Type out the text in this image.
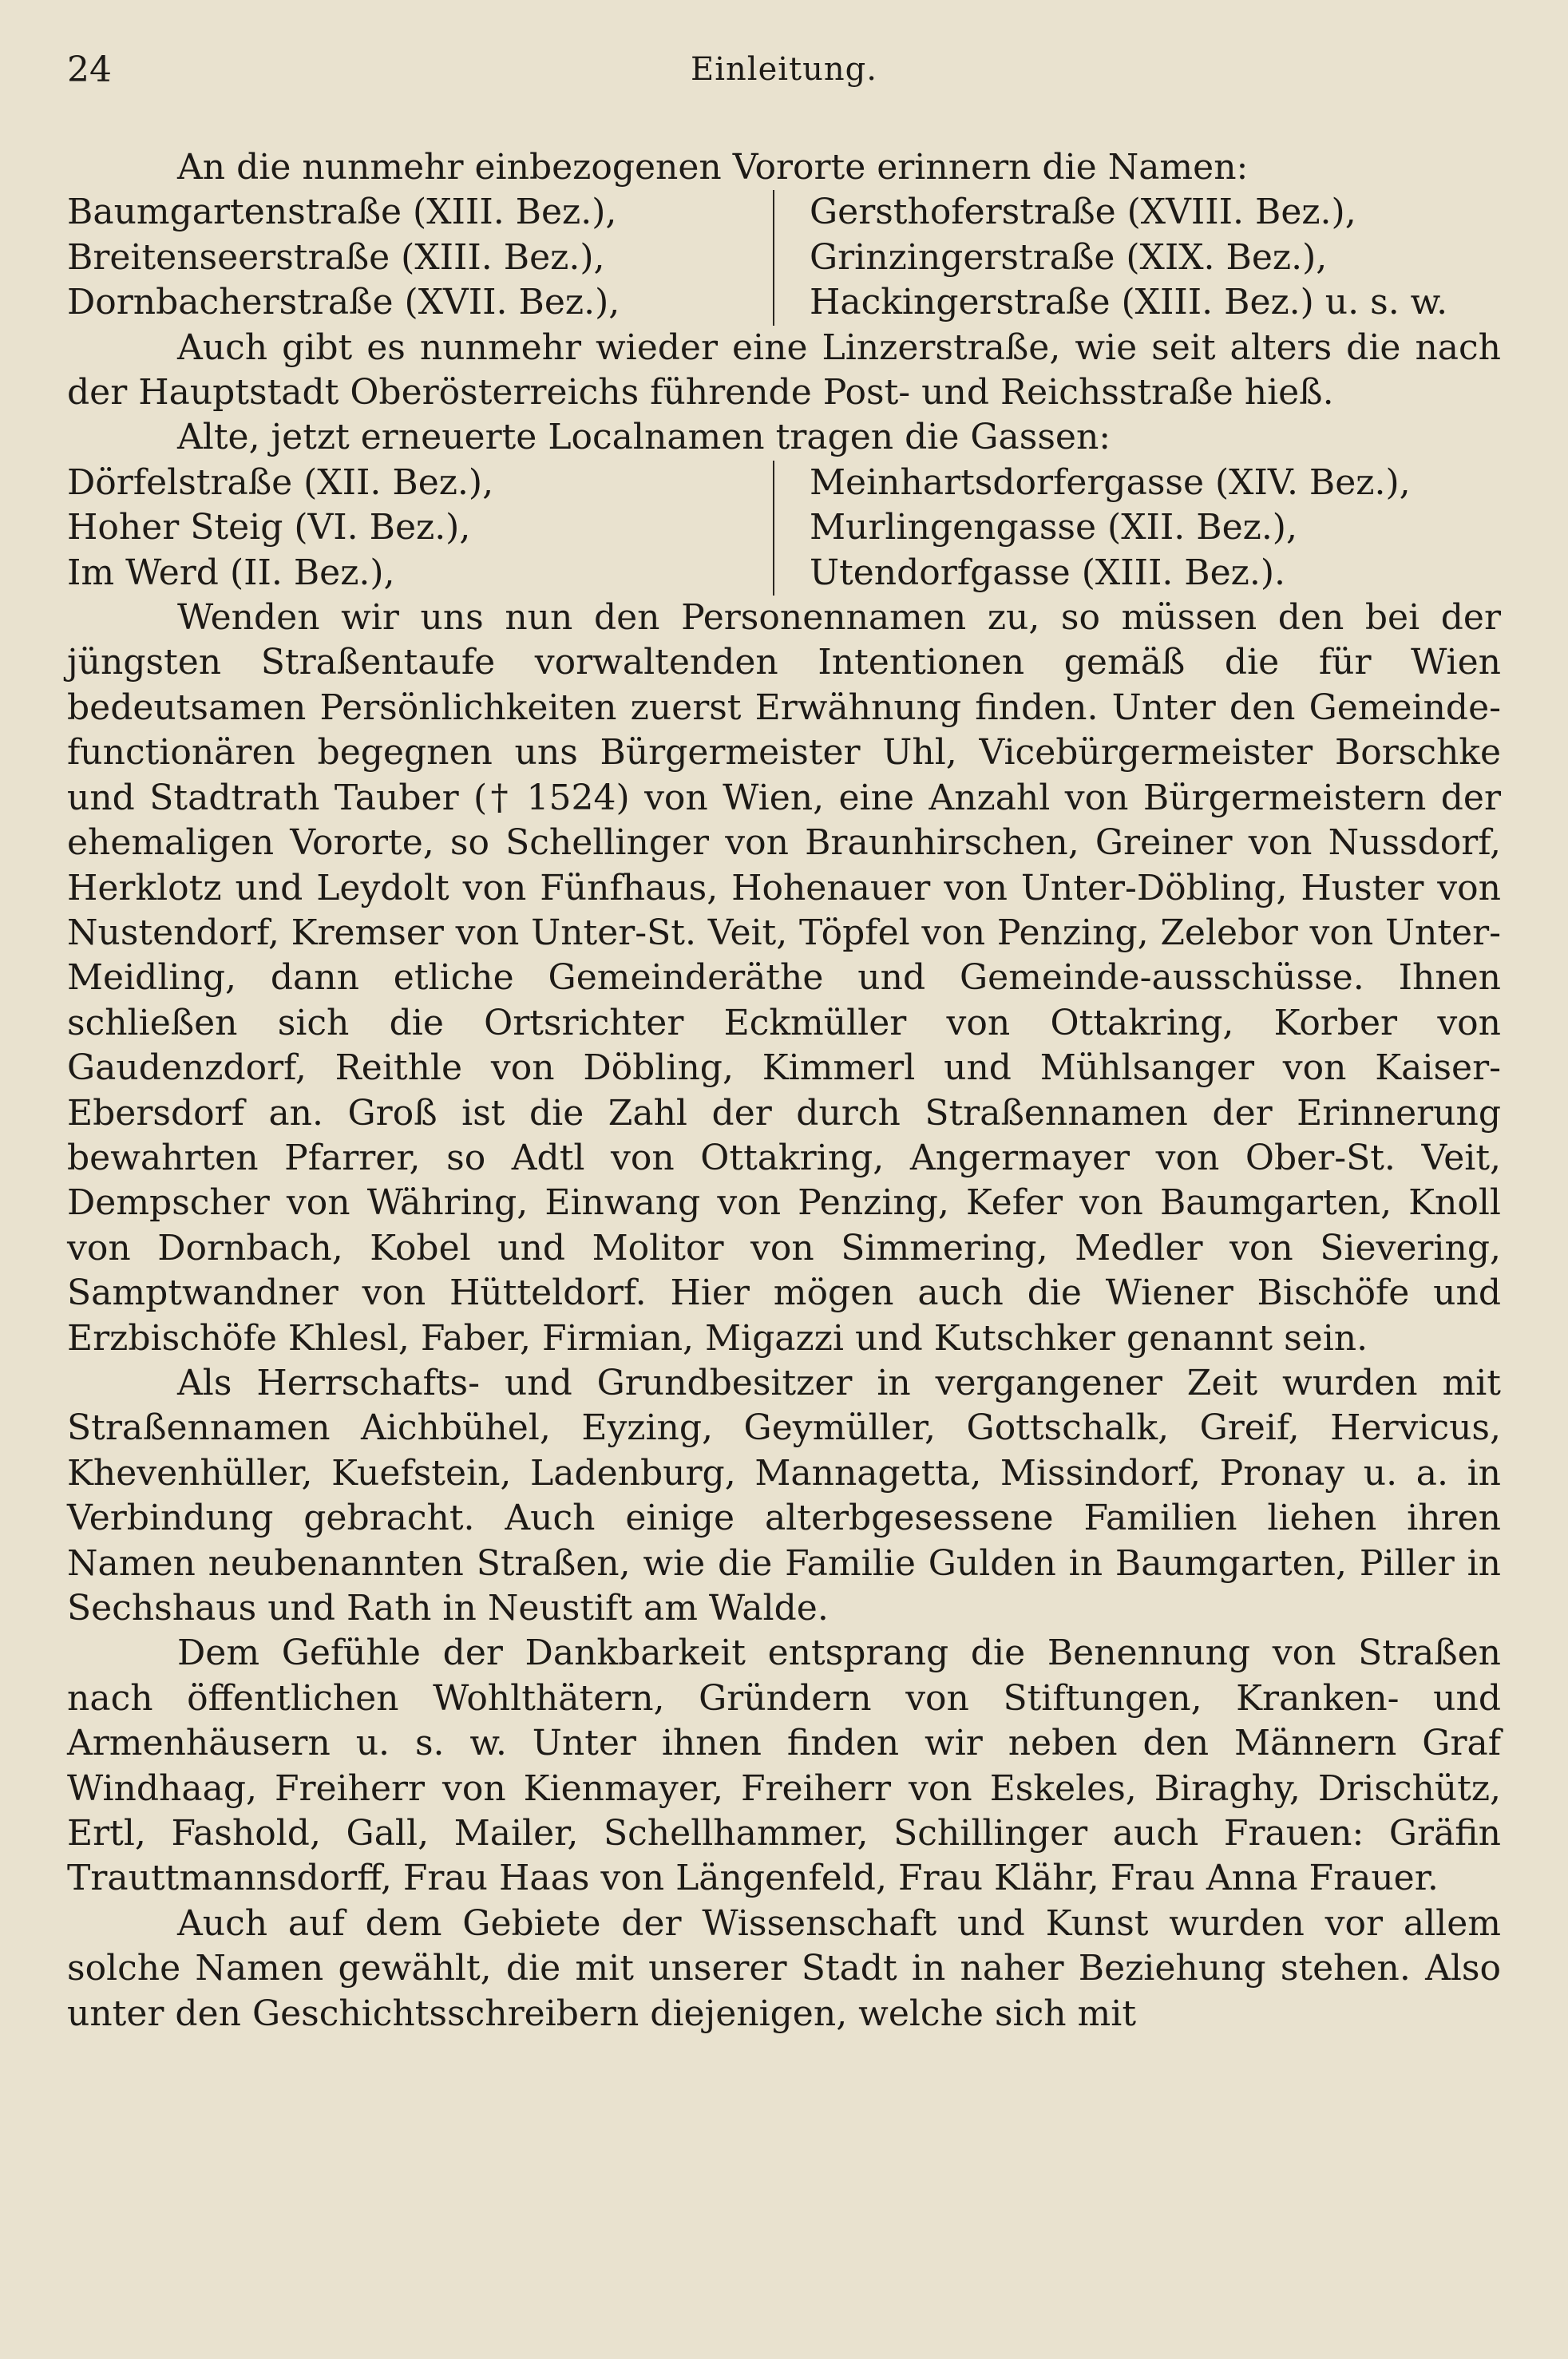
24	Einleitung.

An die nunmehr einbezogenen Vororte erinnern die Namen:

Baumgartenstraße (XIII. Bez.),
Breitenseerstraße (XIII. Bez.),
Dornbacherstraße (XVII. Bez.),
Gersthoferstraße (XVIII. Bez.),
Grinzingerstraße (XIX. Bez.),
Hackingerstraße (XIII. Bez.) u. s. w.

Auch gibt es nunmehr wieder eine Linzerstraße, wie seit alters die nach der Hauptstadt Oberösterreichs führende Post- und Reichsstraße hieß.

Alte, jetzt erneuerte Localnamen tragen die Gassen:

Dörfelstraße (XII. Bez.),
Hoher Steig (VI. Bez.),
Im Werd (II. Bez.),
Meinhartsdorfergasse (XIV. Bez.),
Murlingengasse (XII. Bez.),
Utendorfgasse (XIII. Bez.).

Wenden wir uns nun den Personennamen zu, so müssen den bei der jüngsten Straßentaufe vorwaltenden Intentionen gemäß die für Wien bedeutsamen Persönlichkeiten zuerst Erwähnung finden. Unter den Gemeinde-functionären begegnen uns Bürgermeister Uhl, Vicebürgermeister Borschke und Stadtrath Tauber († 1524) von Wien, eine Anzahl von Bürgermeistern der ehemaligen Vororte, so Schellinger von Braunhirschen, Greiner von Nussdorf, Herklotz und Leydolt von Fünfhaus, Hohenauer von Unter-Döbling, Huster von Nustendorf, Kremser von Unter-St. Veit, Töpfel von Penzing, Zelebor von Unter-Meidling, dann etliche Gemeinderäthe und Gemeinde-ausschüsse. Ihnen schließen sich die Ortsrichter Eckmüller von Ottakring, Korber von Gaudenzdorf, Reithle von Döbling, Kimmerl und Mühlsanger von Kaiser-Ebersdorf an. Groß ist die Zahl der durch Straßennamen der Erinnerung bewahrten Pfarrer, so Adtl von Ottakring, Angermayer von Ober-St. Veit, Dempscher von Währing, Einwang von Penzing, Kefer von Baumgarten, Knoll von Dornbach, Kobel und Molitor von Simmering, Medler von Sievering, Samptwandner von Hütteldorf. Hier mögen auch die Wiener Bischöfe und Erzbischöfe Khlesl, Faber, Firmian, Migazzi und Kutschker genannt sein.

Als Herrschafts- und Grundbesitzer in vergangener Zeit wurden mit Straßennamen Aichbühel, Eyzing, Geymüller, Gottschalk, Greif, Hervicus, Khevenhüller, Kuefstein, Ladenburg, Mannagetta, Missindorf, Pronay u. a. in Verbindung gebracht. Auch einige alterbgesessene Familien liehen ihren Namen neubenannten Straßen, wie die Familie Gulden in Baumgarten, Piller in Sechshaus und Rath in Neustift am Walde.

Dem Gefühle der Dankbarkeit entsprang die Benennung von Straßen nach öffentlichen Wohlthätern, Gründern von Stiftungen, Kranken- und Armenhäusern u. s. w. Unter ihnen finden wir neben den Männern Graf Windhaag, Freiherr von Kienmayer, Freiherr von Eskeles, Biraghy, Drischütz, Ertl, Fashold, Gall, Mailer, Schellhammer, Schillinger auch Frauen: Gräfin Trauttmannsdorff, Frau Haas von Längenfeld, Frau Klähr, Frau Anna Frauer.

Auch auf dem Gebiete der Wissenschaft und Kunst wurden vor allem solche Namen gewählt, die mit unserer Stadt in naher Beziehung stehen. Also unter den Geschichtsschreibern diejenigen, welche sich mit
